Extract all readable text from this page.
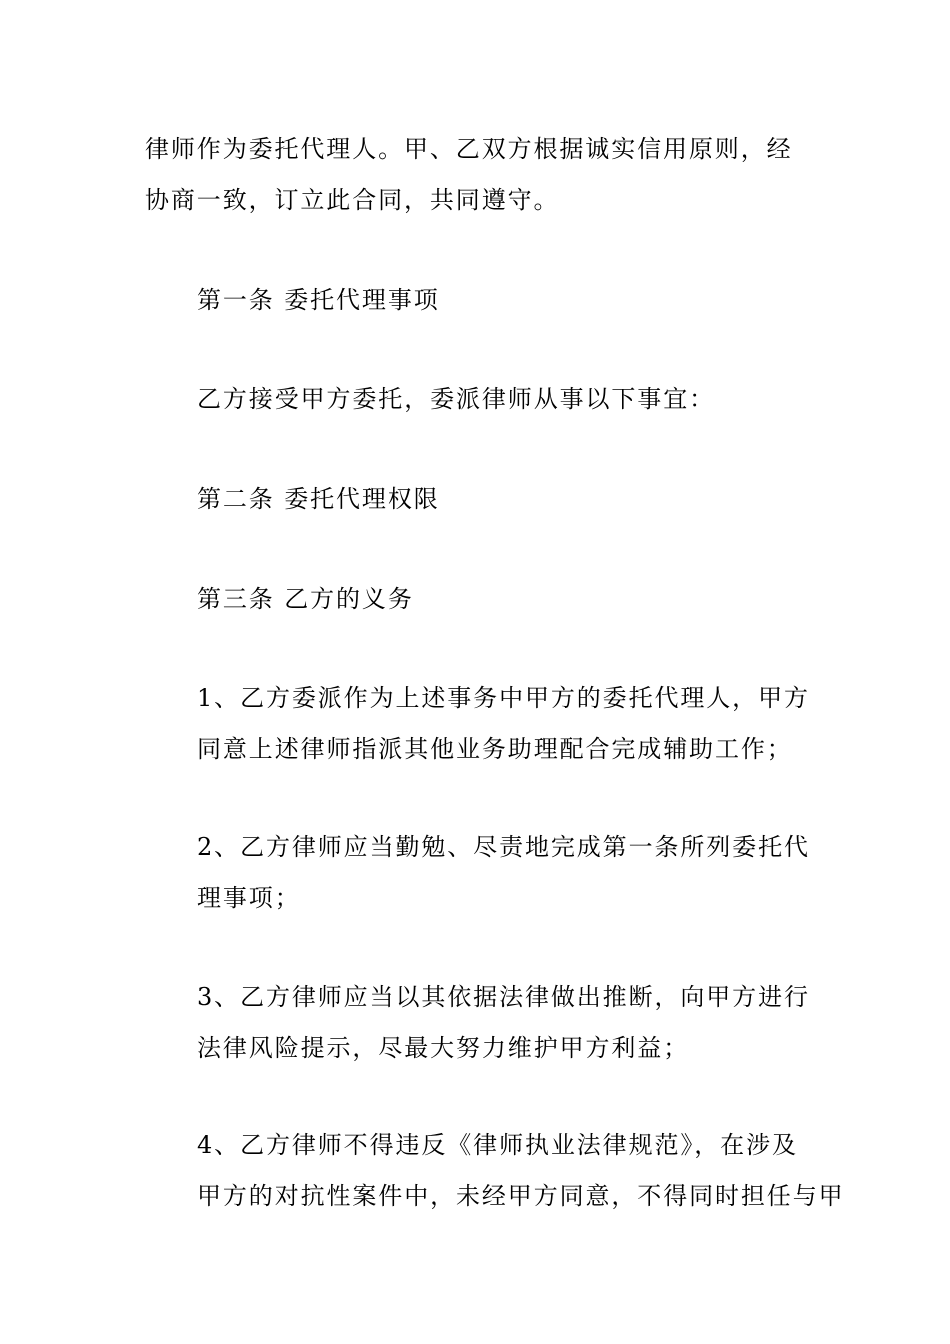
律师作为委托代理人。甲、乙双方根据诚实信用原则，经
协商一致，订立此合同，共同遵守。
第一条 委托代理事项
乙方接受甲方委托，委派律师从事以下事宜：
第二条 委托代理权限
第三条 乙方的义务
1、乙方委派作为上述事务中甲方的委托代理人，甲方
同意上述律师指派其他业务助理配合完成辅助工作；
2、乙方律师应当勤勉、尽责地完成第一条所列委托代
理事项；
3、乙方律师应当以其依据法律做出推断，向甲方进行
法律风险提示，尽最大努力维护甲方利益；
4、乙方律师不得违反《律师执业法律规范》，在涉及
甲方的对抗性案件中，未经甲方同意，不得同时担任与甲
